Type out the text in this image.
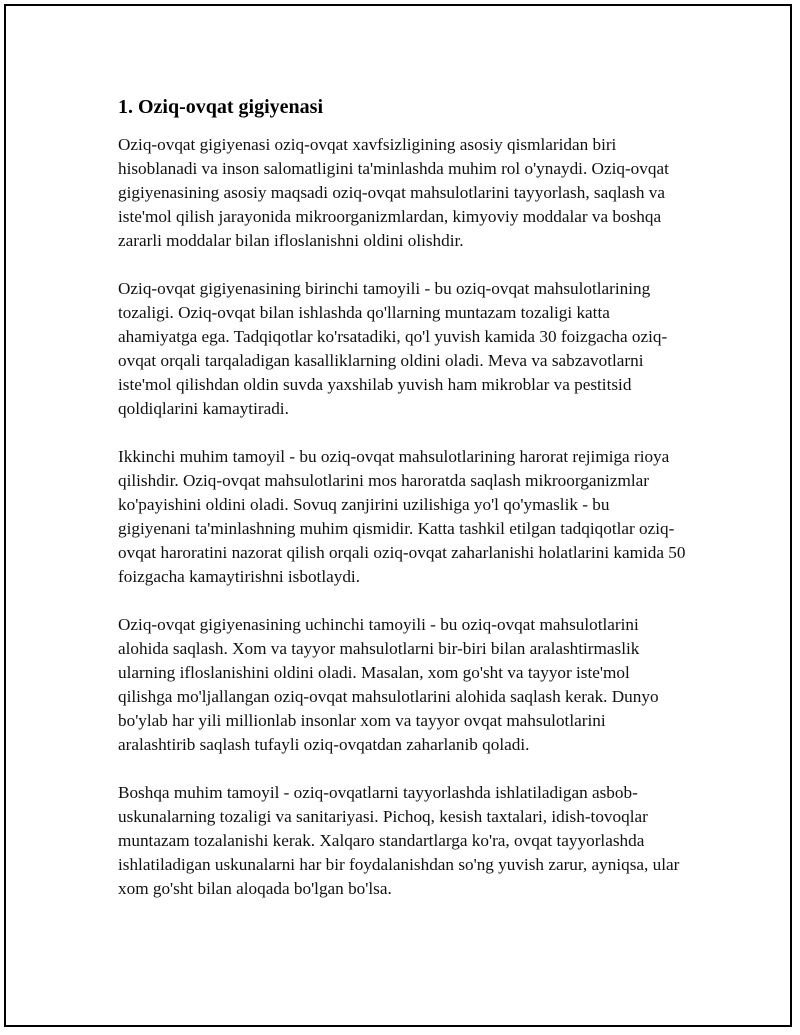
1. Oziq-ovqat gigiyenasi

Oziq-ovqat gigiyenasi oziq-ovqat xavfsizligining asosiy qismlaridan biri hisoblanadi va inson salomatligini ta'minlashda muhim rol o'ynaydi. Oziq-ovqat gigiyenasining asosiy maqsadi oziq-ovqat mahsulotlarini tayyorlash, saqlash va iste'mol qilish jarayonida mikroorganizmlardan, kimyoviy moddalar va boshqa zararli moddalar bilan ifloslanishni oldini olishdir.

Oziq-ovqat gigiyenasining birinchi tamoyili - bu oziq-ovqat mahsulotlarining tozaligi. Oziq-ovqat bilan ishlashda qo'llarning muntazam tozaligi katta ahamiyatga ega. Tadqiqotlar ko'rsatadiki, qo'l yuvish kamida 30 foizgacha oziq-ovqat orqali tarqaladigan kasalliklarning oldini oladi. Meva va sabzavotlarni iste'mol qilishdan oldin suvda yaxshilab yuvish ham mikroblar va pestitsid qoldiqlarini kamaytiradi.

Ikkinchi muhim tamoyil - bu oziq-ovqat mahsulotlarining harorat rejimiga rioya qilishdir. Oziq-ovqat mahsulotlarini mos haroratda saqlash mikroorganizmlar ko'payishini oldini oladi. Sovuq zanjirini uzilishiga yo'l qo'ymaslik - bu gigiyenani ta'minlashning muhim qismidir. Katta tashkil etilgan tadqiqotlar oziq-ovqat haroratini nazorat qilish orqali oziq-ovqat zaharlanishi holatlarini kamida 50 foizgacha kamaytirishni isbotlaydi.

Oziq-ovqat gigiyenasining uchinchi tamoyili - bu oziq-ovqat mahsulotlarini alohida saqlash. Xom va tayyor mahsulotlarni bir-biri bilan aralashtirmaslik ularning ifloslanishini oldini oladi. Masalan, xom go'sht va tayyor iste'mol qilishga mo'ljallangan oziq-ovqat mahsulotlarini alohida saqlash kerak. Dunyo bo'ylab har yili millionlab insonlar xom va tayyor ovqat mahsulotlarini aralashtirib saqlash tufayli oziq-ovqatdan zaharlanib qoladi.

Boshqa muhim tamoyil - oziq-ovqatlarni tayyorlashda ishlatiladigan asbob-uskunalarning tozaligi va sanitariyasi. Pichoq, kesish taxtalari, idish-tovoqlar muntazam tozalanishi kerak. Xalqaro standartlarga ko'ra, ovqat tayyorlashda ishlatiladigan uskunalarni har bir foydalanishdan so'ng yuvish zarur, ayniqsa, ular xom go'sht bilan aloqada bo'lgan bo'lsa.
